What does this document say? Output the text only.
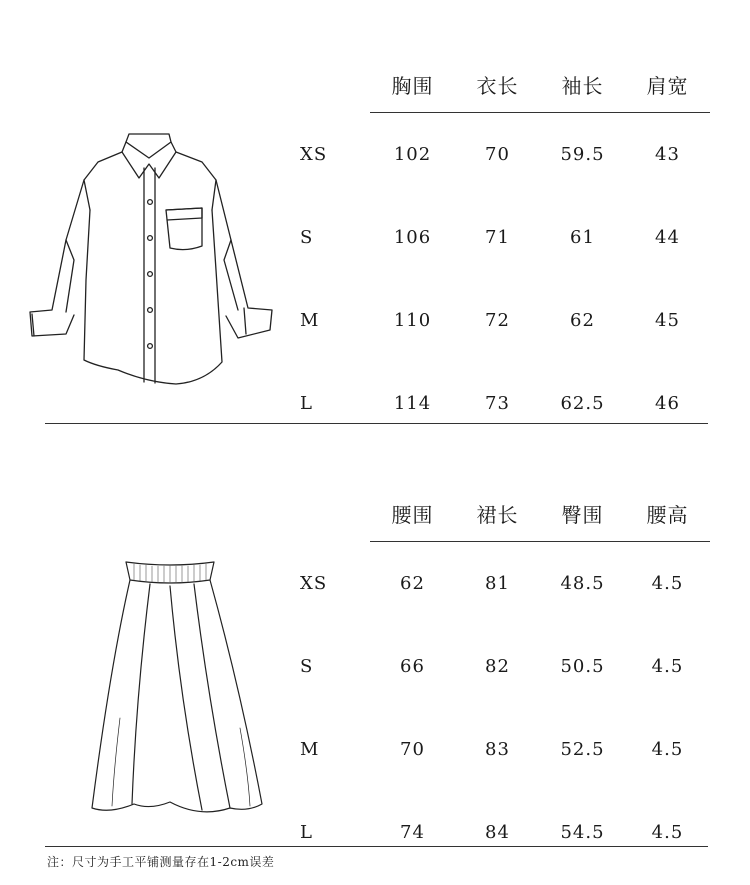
	胸围	衣长	袖长	肩宽
XS	102	70	59.5	43
S	106	71	61	44
M	110	72	62	45
L	114	73	62.5	46
	腰围	裙长	臀围	腰高
XS	62	81	48.5	4.5
S	66	82	50.5	4.5
M	70	83	52.5	4.5
L	74	84	54.5	4.5
注：尺寸为手工平铺测量存在1-2cm误差
